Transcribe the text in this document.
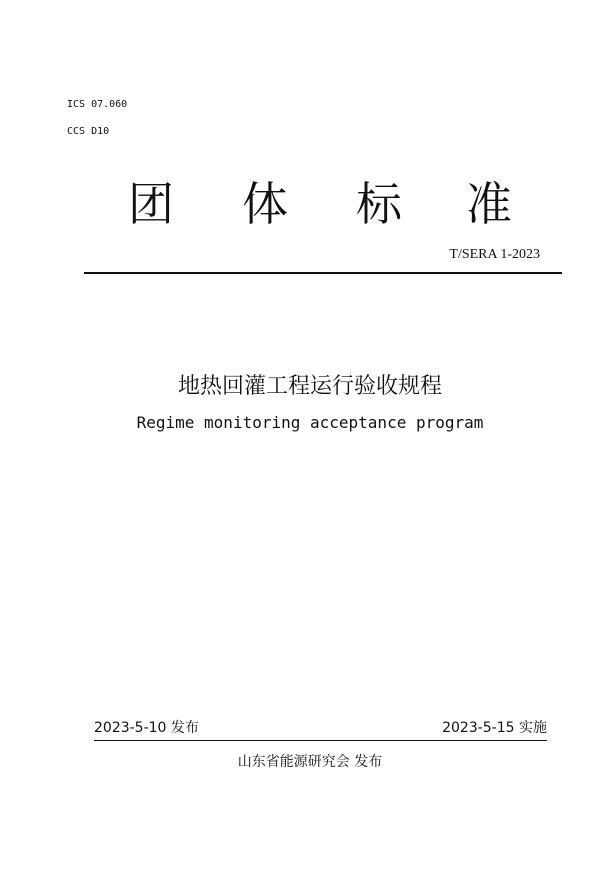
ICS 07.060
CCS D10
团 体 标 准
T/SERA 1-2023
地热回灌工程运行验收规程
Regime monitoring acceptance program
2023-5-10 发布	2023-5-15 实施
山东省能源研究会 发布
